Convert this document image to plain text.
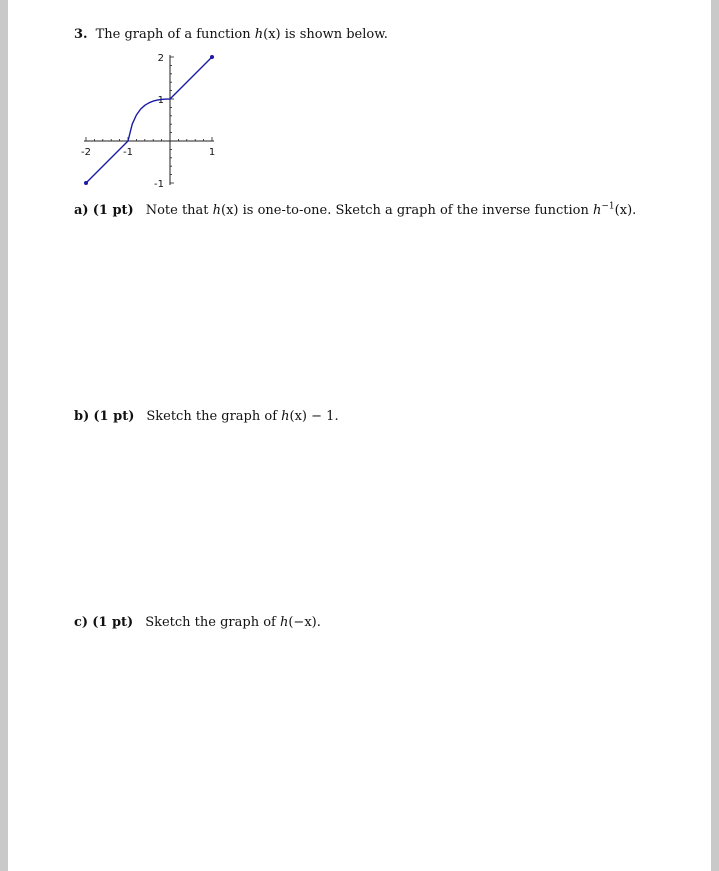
3. The graph of a function h(x) is shown below.
-2	-1	1
2
1
-1
a) (1 pt) Note that h(x) is one-to-one. Sketch a graph of the inverse function $h^{-1}(x)$.
b) (1 pt) Sketch the graph of h(x) − 1.
c) (1 pt) Sketch the graph of h(−x).
